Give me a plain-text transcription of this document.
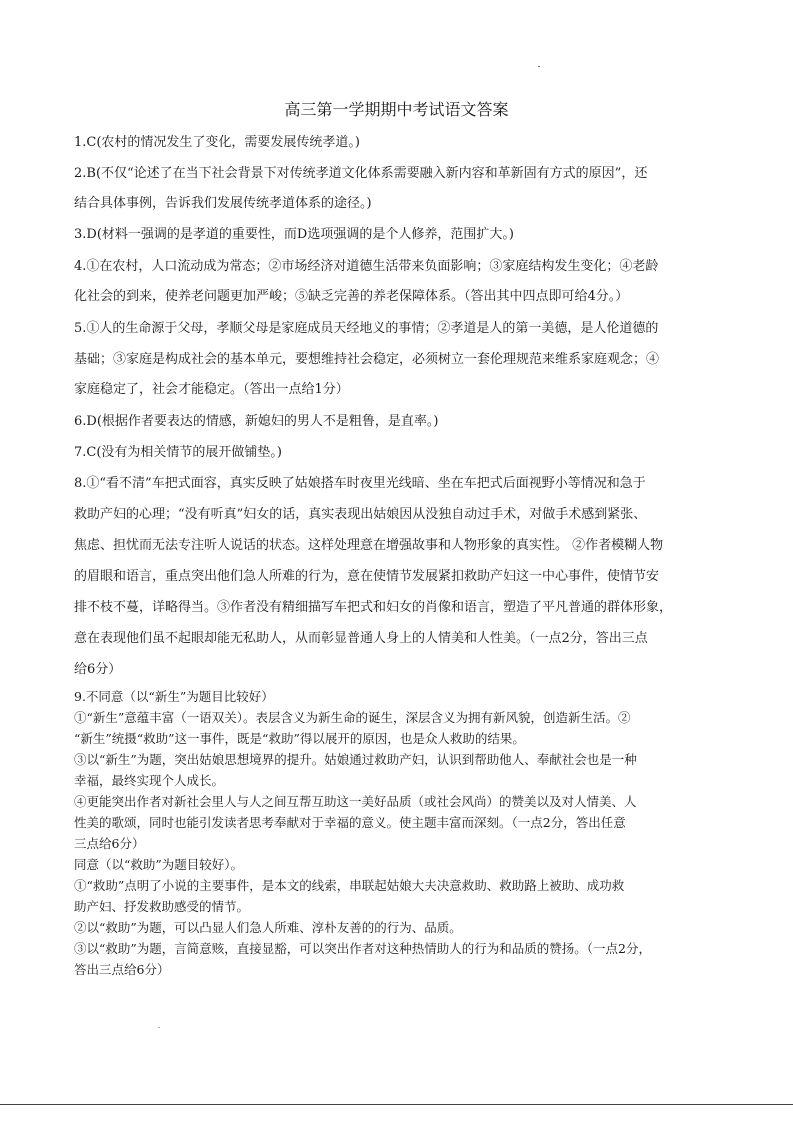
高三第一学期期中考试语文答案

1.C(农村的情况发生了变化，需要发展传统孝道。)

2.B(不仅“论述了在当下社会背景下对传统孝道文化体系需要融入新内容和革新固有方式的原因”，还

结合具体事例，告诉我们发展传统孝道体系的途径。)

3.D(材料一强调的是孝道的重要性，而D选项强调的是个人修养，范围扩大。)

4.①在农村，人口流动成为常态；②市场经济对道德生活带来负面影响；③家庭结构发生变化；④老龄

化社会的到来，使养老问题更加严峻；⑤缺乏完善的养老保障体系。（答出其中四点即可给4分。）

5.①人的生命源于父母，孝顺父母是家庭成员天经地义的事情；②孝道是人的第一美德，是人伦道德的

基础；③家庭是构成社会的基本单元，要想维持社会稳定，必须树立一套伦理规范来维系家庭观念；④

家庭稳定了，社会才能稳定。（答出一点给1分）

6.D(根据作者要表达的情感，新媳妇的男人不是粗鲁，是直率。)

7.C(没有为相关情节的展开做铺垫。)

8.①“看不清”车把式面容，真实反映了姑娘搭车时夜里光线暗、坐在车把式后面视野小等情况和急于

救助产妇的心理；“没有听真”妇女的话，真实表现出姑娘因从没独自动过手术，对做手术感到紧张、

焦虑、担忧而无法专注听人说话的状态。这样处理意在增强故事和人物形象的真实性。 ②作者模糊人物

的眉眼和语言，重点突出他们急人所难的行为，意在使情节发展紧扣救助产妇这一中心事件，使情节安

排不枝不蔓，详略得当。③作者没有精细描写车把式和妇女的肖像和语言，塑造了平凡普通的群体形象，

意在表现他们虽不起眼却能无私助人，从而彰显普通人身上的人情美和人性美。（一点2分，答出三点

给6分）

9.不同意（以“新生”为题目比较好）

①“新生”意蕴丰富（一语双关）。表层含义为新生命的诞生，深层含义为拥有新风貌，创造新生活。②

“新生”统摄“救助”这一事件，既是“救助”得以展开的原因，也是众人救助的结果。

③以“新生”为题，突出姑娘思想境界的提升。姑娘通过救助产妇，认识到帮助他人、奉献社会也是一种

幸福，最终实现个人成长。

④更能突出作者对新社会里人与人之间互帮互助这一美好品质（或社会风尚）的赞美以及对人情美、人

性美的歌颂，同时也能引发读者思考奉献对于幸福的意义。使主题丰富而深刻。（一点2分，答出任意

三点给6分）

同意（以“救助”为题目较好）。

①“救助”点明了小说的主要事件，是本文的线索，串联起姑娘大夫决意救助、救助路上被助、成功救

助产妇、抒发救助感受的情节。

②以“救助”为题，可以凸显人们急人所难、淳朴友善的的行为、品质。

③以“救助”为题，言简意赅，直接显豁，可以突出作者对这种热情助人的行为和品质的赞扬。（一点2分，

答出三点给6分）
